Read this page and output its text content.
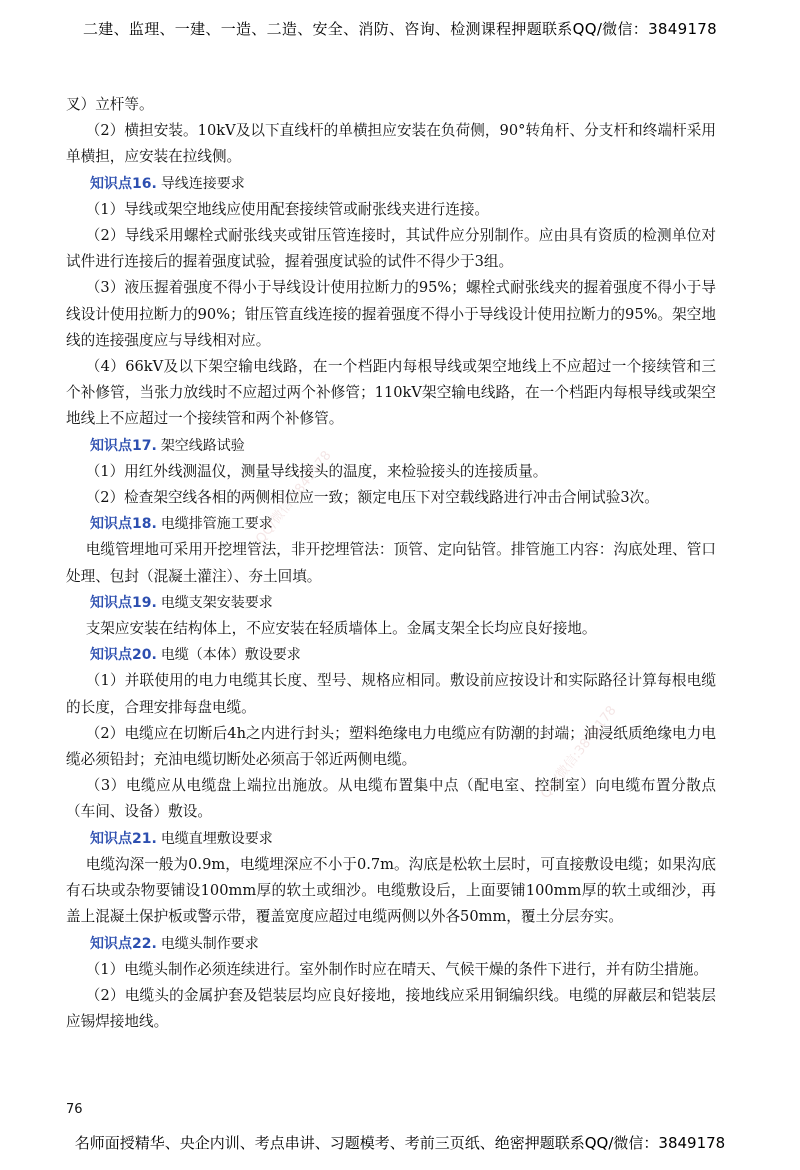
二建、监理、一建、一造、二造、安全、消防、咨询、检测课程押题联系QQ/微信：3849178

叉）立杆等。

（2）横担安装。10kV及以下直线杆的单横担应安装在负荷侧，90°转角杆、分支杆和终端杆采用单横担，应安装在拉线侧。

知识点16. 导线连接要求

（1）导线或架空地线应使用配套接续管或耐张线夹进行连接。

（2）导线采用螺栓式耐张线夹或钳压管连接时，其试件应分别制作。应由具有资质的检测单位对试件进行连接后的握着强度试验，握着强度试验的试件不得少于3组。

（3）液压握着强度不得小于导线设计使用拉断力的95%；螺栓式耐张线夹的握着强度不得小于导线设计使用拉断力的90%；钳压管直线连接的握着强度不得小于导线设计使用拉断力的95%。架空地线的连接强度应与导线相对应。

（4）66kV及以下架空输电线路，在一个档距内每根导线或架空地线上不应超过一个接续管和三个补修管，当张力放线时不应超过两个补修管；110kV架空输电线路，在一个档距内每根导线或架空地线上不应超过一个接续管和两个补修管。

知识点17. 架空线路试验

（1）用红外线测温仪，测量导线接头的温度，来检验接头的连接质量。

（2）检查架空线各相的两侧相位应一致；额定电压下对空载线路进行冲击合闸试验3次。

知识点18. 电缆排管施工要求

电缆管埋地可采用开挖埋管法，非开挖埋管法：顶管、定向钻管。排管施工内容：沟底处理、管口处理、包封（混凝土灌注）、夯土回填。

知识点19. 电缆支架安装要求

支架应安装在结构体上，不应安装在轻质墙体上。金属支架全长均应良好接地。

知识点20. 电缆（本体）敷设要求

（1）并联使用的电力电缆其长度、型号、规格应相同。敷设前应按设计和实际路径计算每根电缆的长度，合理安排每盘电缆。

（2）电缆应在切断后4h之内进行封头；塑料绝缘电力电缆应有防潮的封端；油浸纸质绝缘电力电缆必须铅封；充油电缆切断处必须高于邻近两侧电缆。

（3）电缆应从电缆盘上端拉出施放。从电缆布置集中点（配电室、控制室）向电缆布置分散点（车间、设备）敷设。

知识点21. 电缆直埋敷设要求

电缆沟深一般为0.9m，电缆埋深应不小于0.7m。沟底是松软土层时，可直接敷设电缆；如果沟底有石块或杂物要铺设100mm厚的软土或细沙。电缆敷设后，上面要铺100mm厚的软土或细沙，再盖上混凝土保护板或警示带，覆盖宽度应超过电缆两侧以外各50mm，覆土分层夯实。

知识点22. 电缆头制作要求

（1）电缆头制作必须连续进行。室外制作时应在晴天、气候干燥的条件下进行，并有防尘措施。

（2）电缆头的金属护套及铠装层均应良好接地，接地线应采用铜编织线。电缆的屏蔽层和铠装层应锡焊接地线。

QQ/微信:3849178
QQ/微信:3849178
76
名师面授精华、央企内训、考点串讲、习题模考、考前三页纸、绝密押题联系QQ/微信：3849178
